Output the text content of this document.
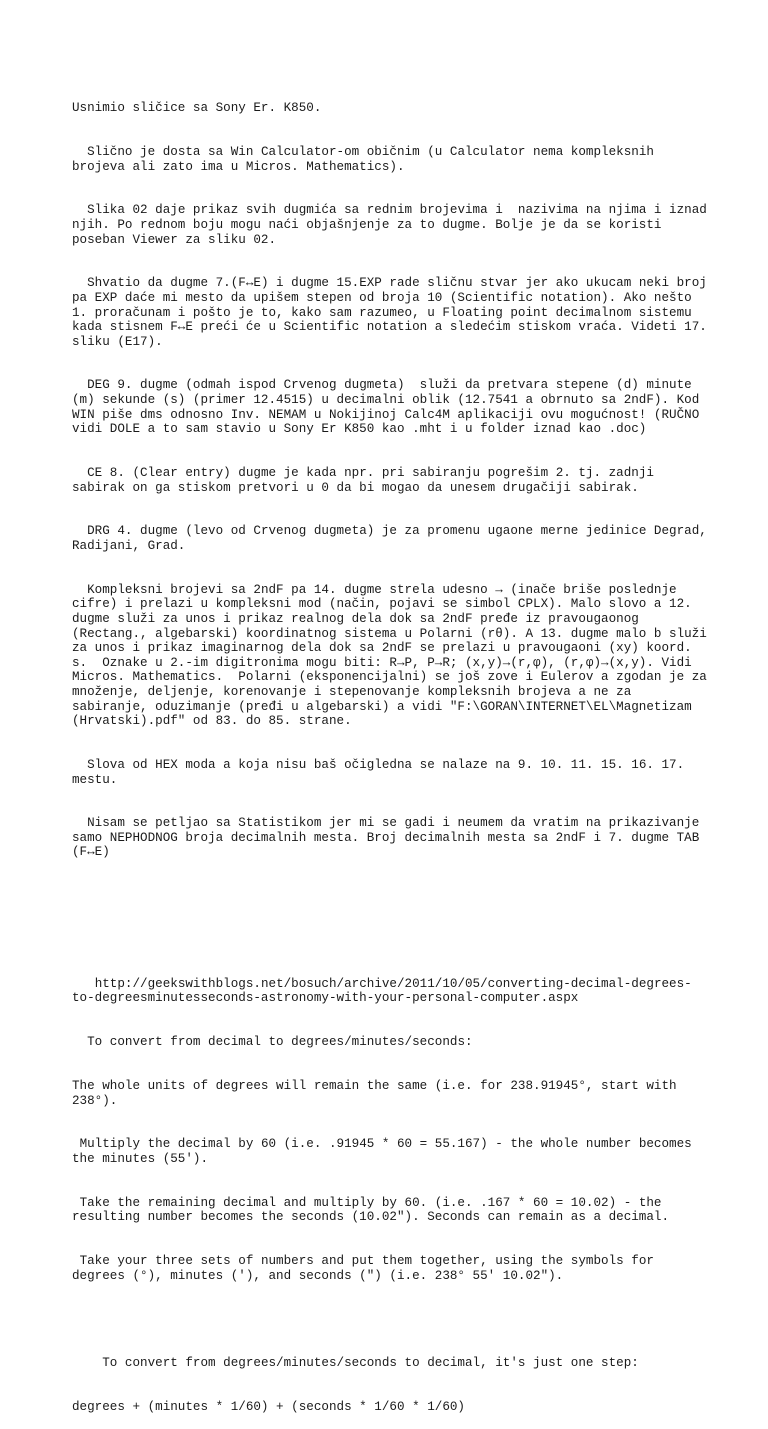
Usnimio sličice sa Sony Er. K850.

Slično je dosta sa Win Calculator-om običnim (u Calculator nema kompleksnih brojeva ali zato ima u Micros. Mathematics).

Slika 02 daje prikaz svih dugmića sa rednim brojevima i  nazivima na njima i iznad njih. Po rednom boju mogu naći objašnjenje za to dugme. Bolje je da se koristi poseban Viewer za sliku 02.

Shvatio da dugme 7.(F↔E) i dugme 15.EXP rade sličnu stvar jer ako ukucam neki broj pa EXP daće mi mesto da upišem stepen od broja 10 (Scientific notation). Ako nešto 1. proračunam i pošto je to, kako sam razumeo, u Floating point decimalnom sistemu kada stisnem F↔E preći će u Scientific notation a sledećim stiskom vraća. Videti 17. sliku (E17).

DEG 9. dugme (odmah ispod Crvenog dugmeta)  služi da pretvara stepene (d) minute (m) sekunde (s) (primer 12.4515) u decimalni oblik (12.7541 a obrnuto sa 2ndF). Kod WIN piše dms odnosno Inv. NEMAM u Nokijinoj Calc4M aplikaciji ovu mogućnost! (RUČNO vidi DOLE a to sam stavio u Sony Er K850 kao .mht i u folder iznad kao .doc)

CE 8. (Clear entry) dugme je kada npr. pri sabiranju pogrešim 2. tj. zadnji sabirak on ga stiskom pretvori u 0 da bi mogao da unesem drugačiji sabirak.

DRG 4. dugme (levo od Crvenog dugmeta) je za promenu ugaone merne jedinice Degrad, Radijani, Grad.

Kompleksni brojevi sa 2ndF pa 14. dugme strela udesno → (inače briše poslednje cifre) i prelazi u kompleksni mod (način, pojavi se simbol CPLX). Malo slovo a 12. dugme služi za unos i prikaz realnog dela dok sa 2ndF pređe iz pravougaonog (Rectang., algebarski) koordinatnog sistema u Polarni (rθ). A 13. dugme malo b služi za unos i prikaz imaginarnog dela dok sa 2ndF se prelazi u pravougaoni (xy) koord. s.  Oznake u 2.-im digitronima mogu biti: R→P, P→R; (x,y)→(r,φ), (r,φ)→(x,y). Vidi Micros. Mathematics.  Polarni (eksponencijalni) se još zove i Eulerov a zgodan je za množenje, deljenje, korenovanje i stepenovanje kompleksnih brojeva a ne za sabiranje, oduzimanje (pređi u algebarski) a vidi "F:\GORAN\INTERNET\EL\Magnetizam (Hrvatski).pdf" od 83. do 85. strane.

Slova od HEX moda a koja nisu baš očigledna se nalaze na 9. 10. 11. 15. 16. 17. mestu.

Nisam se petljao sa Statistikom jer mi se gadi i neumem da vratim na prikazivanje samo NEPHODNOG broja decimalnih mesta. Broj decimalnih mesta sa 2ndF i 7. dugme TAB (F↔E)

http://geekswithblogs.net/bosuch/archive/2011/10/05/converting-decimal-degrees-to-degreesminutesseconds-astronomy-with-your-personal-computer.aspx

To convert from decimal to degrees/minutes/seconds:

The whole units of degrees will remain the same (i.e. for 238.91945°, start with 238°).

Multiply the decimal by 60 (i.e. .91945 * 60 = 55.167) - the whole number becomes the minutes (55').

Take the remaining decimal and multiply by 60. (i.e. .167 * 60 = 10.02) - the resulting number becomes the seconds (10.02"). Seconds can remain as a decimal.

Take your three sets of numbers and put them together, using the symbols for degrees (°), minutes (′), and seconds (") (i.e. 238° 55' 10.02").

To convert from degrees/minutes/seconds to decimal, it's just one step:

degrees + (minutes * 1/60) + (seconds * 1/60 * 1/60)
